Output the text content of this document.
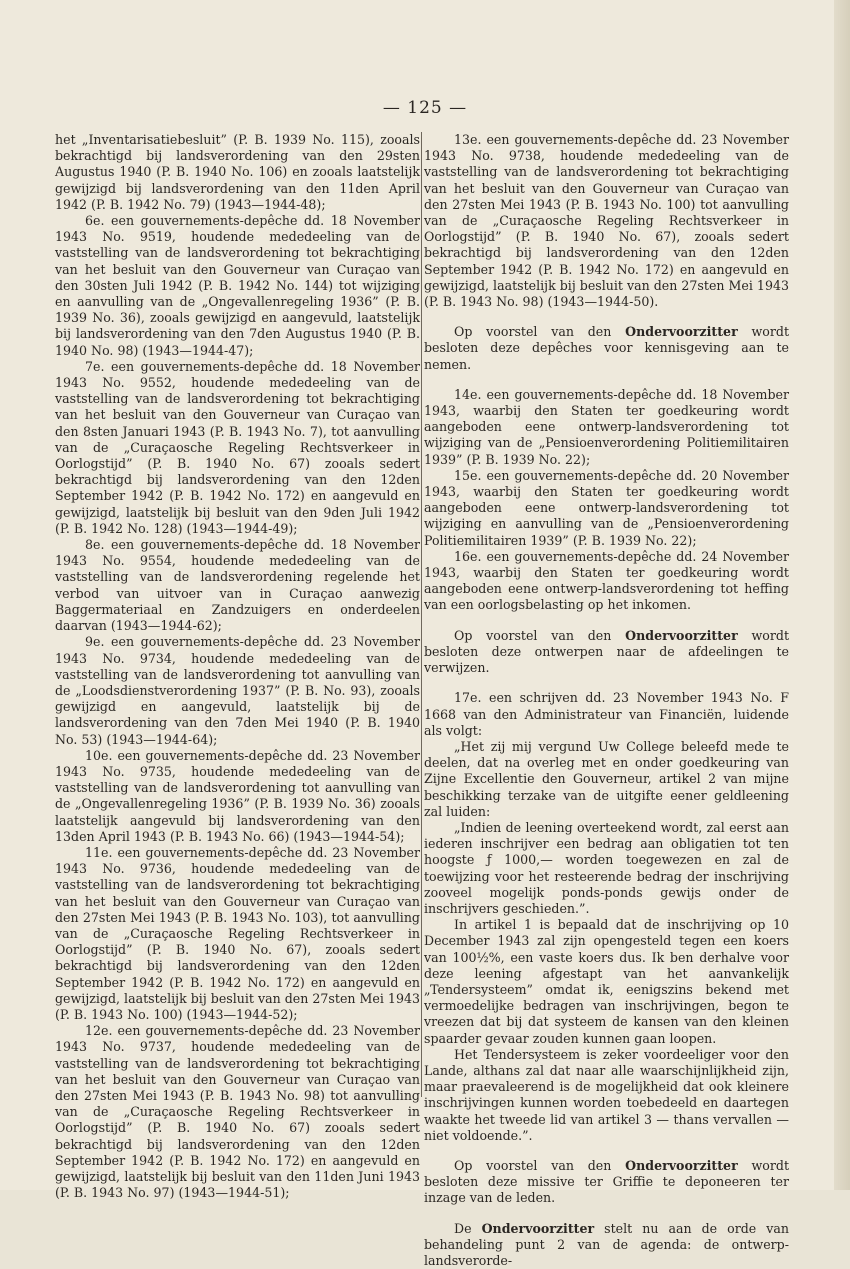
— 125 —

het „Inventarisatiebesluit” (P. B. 1939 No. 115), zooals bekrachtigd bij landsverordening van den 29sten Augustus 1940 (P. B. 1940 No. 106) en zooals laatstelijk gewijzigd bij landsverordening van den 11den April 1942 (P. B. 1942 No. 79) (1943—1944-48);

6e. een gouvernements-depêche dd. 18 November 1943 No. 9519, houdende mededeeling van de vaststelling van de landsverordening tot bekrachtiging van het besluit van den Gouverneur van Curaçao van den 30sten Juli 1942 (P. B. 1942 No. 144) tot wijziging en aanvulling van de „Ongevallenregeling 1936” (P. B. 1939 No. 36), zooals gewijzigd en aangevuld, laatstelijk bij landsverordening van den 7den Augustus 1940 (P. B. 1940 No. 98) (1943—1944-47);

7e. een gouvernements-depêche dd. 18 November 1943 No. 9552, houdende mededeeling van de vaststelling van de landsverordening tot bekrachtiging van het besluit van den Gouverneur van Curaçao van den 8sten Januari 1943 (P. B. 1943 No. 7), tot aanvulling van de „Curaçaosche Regeling Rechtsverkeer in Oorlogstijd” (P. B. 1940 No. 67) zooals sedert bekrachtigd bij landsverordening van den 12den September 1942 (P. B. 1942 No. 172) en aangevuld en gewijzigd, laatstelijk bij besluit van den 9den Juli 1942 (P. B. 1942 No. 128) (1943—1944-49);

8e. een gouvernements-depêche dd. 18 November 1943 No. 9554, houdende mededeeling van de vaststelling van de landsverordening regelende het verbod van uitvoer van in Curaçao aanwezig Baggermateriaal en Zandzuigers en onderdeelen daarvan (1943—1944-62);

9e. een gouvernements-depêche dd. 23 November 1943 No. 9734, houdende mededeeling van de vaststelling van de landsverordening tot aanvulling van de „Loodsdienstverordening 1937” (P. B. No. 93), zooals gewijzigd en aangevuld, laatstelijk bij de landsverordening van den 7den Mei 1940 (P. B. 1940 No. 53) (1943—1944-64);

10e. een gouvernements-depêche dd. 23 November 1943 No. 9735, houdende mededeeling van de vaststelling van de landsverordening tot aanvulling van de „Ongevallenregeling 1936” (P. B. 1939 No. 36) zooals laatstelijk aangevuld bij landsverordening van den 13den April 1943 (P. B. 1943 No. 66) (1943—1944-54);

11e. een gouvernements-depêche dd. 23 November 1943 No. 9736, houdende mededeeling van de vaststelling van de landsverordening tot bekrachtiging van het besluit van den Gouverneur van Curaçao van den 27sten Mei 1943 (P. B. 1943 No. 103), tot aanvulling van de „Curaçaosche Regeling Rechtsverkeer in Oorlogstijd” (P. B. 1940 No. 67), zooals sedert bekrachtigd bij landsverordening van den 12den September 1942 (P. B. 1942 No. 172) en aangevuld en gewijzigd, laatstelijk bij besluit van den 27sten Mei 1943 (P. B. 1943 No. 100) (1943—1944-52);

12e. een gouvernements-depêche dd. 23 November 1943 No. 9737, houdende mededeeling van de vaststelling van de landsverordening tot bekrachtiging van het besluit van den Gouverneur van Curaçao van den 27sten Mei 1943 (P. B. 1943 No. 98) tot aanvulling van de „Curaçaosche Regeling Rechtsverkeer in Oorlogstijd” (P. B. 1940 No. 67) zooals sedert bekrachtigd bij landsverordening van den 12den September 1942 (P. B. 1942 No. 172) en aangevuld en gewijzigd, laatstelijk bij besluit van den 11den Juni 1943 (P. B. 1943 No. 97) (1943—1944-51);

13e. een gouvernements-depêche dd. 23 November 1943 No. 9738, houdende mededeeling van de vaststelling van de landsverordening tot bekrachtiging van het besluit van den Gouverneur van Curaçao van den 27sten Mei 1943 (P. B. 1943 No. 100) tot aanvulling van de „Curaçaosche Regeling Rechtsverkeer in Oorlogstijd” (P. B. 1940 No. 67), zooals sedert bekrachtigd bij landsverordening van den 12den September 1942 (P. B. 1942 No. 172) en aangevuld en gewijzigd, laatstelijk bij besluit van den 27sten Mei 1943 (P. B. 1943 No. 98) (1943—1944-50).

Op voorstel van den Ondervoorzitter wordt besloten deze depêches voor kennisgeving aan te nemen.

14e. een gouvernements-depêche dd. 18 November 1943, waarbij den Staten ter goedkeuring wordt aangeboden eene ontwerp-landsverordening tot wijziging van de „Pensioenverordening Politiemilitairen 1939” (P. B. 1939 No. 22);

15e. een gouvernements-depêche dd. 20 November 1943, waarbij den Staten ter goedkeuring wordt aangeboden eene ontwerp-landsverordening tot wijziging en aanvulling van de „Pensioenverordening Politiemilitairen 1939” (P. B. 1939 No. 22);

16e. een gouvernements-depêche dd. 24 November 1943, waarbij den Staten ter goedkeuring wordt aangeboden eene ontwerp-landsverordening tot heffing van een oorlogsbelasting op het inkomen.

Op voorstel van den Ondervoorzitter wordt besloten deze ontwerpen naar de afdeelingen te verwijzen.

17e. een schrijven dd. 23 November 1943 No. F 1668 van den Administrateur van Financiën, luidende als volgt:

„Het zij mij vergund Uw College beleefd mede te deelen, dat na overleg met en onder goedkeuring van Zijne Excellentie den Gouverneur, artikel 2 van mijne beschikking terzake van de uitgifte eener geldleening zal luiden:

„Indien de leening overteekend wordt, zal eerst aan iederen inschrijver een bedrag aan obligatien tot ten hoogste ƒ 1000,— worden toegewezen en zal de toewijzing voor het resteerende bedrag der inschrijving zooveel mogelijk ponds-ponds gewijs onder de inschrijvers geschieden.”.

In artikel 1 is bepaald dat de inschrijving op 10 December 1943 zal zijn opengesteld tegen een koers van 100½%, een vaste koers dus. Ik ben derhalve voor deze leening afgestapt van het aanvankelijk „Tendersysteem” omdat ik, eenigszins bekend met vermoedelijke bedragen van inschrijvingen, begon te vreezen dat bij dat systeem de kansen van den kleinen spaarder gevaar zouden kunnen gaan loopen.

Het Tendersysteem is zeker voordeeliger voor den Lande, althans zal dat naar alle waarschijnlijkheid zijn, maar praevaleerend is de mogelijkheid dat ook kleinere inschrijvingen kunnen worden toebedeeld en daartegen waakte het tweede lid van artikel 3 — thans vervallen — niet voldoende.”.

Op voorstel van den Ondervoorzitter wordt besloten deze missive ter Griffie te deponeeren ter inzage van de leden.

De Ondervoorzitter stelt nu aan de orde van behandeling punt 2 van de agenda: de ontwerp-landsverorde-
